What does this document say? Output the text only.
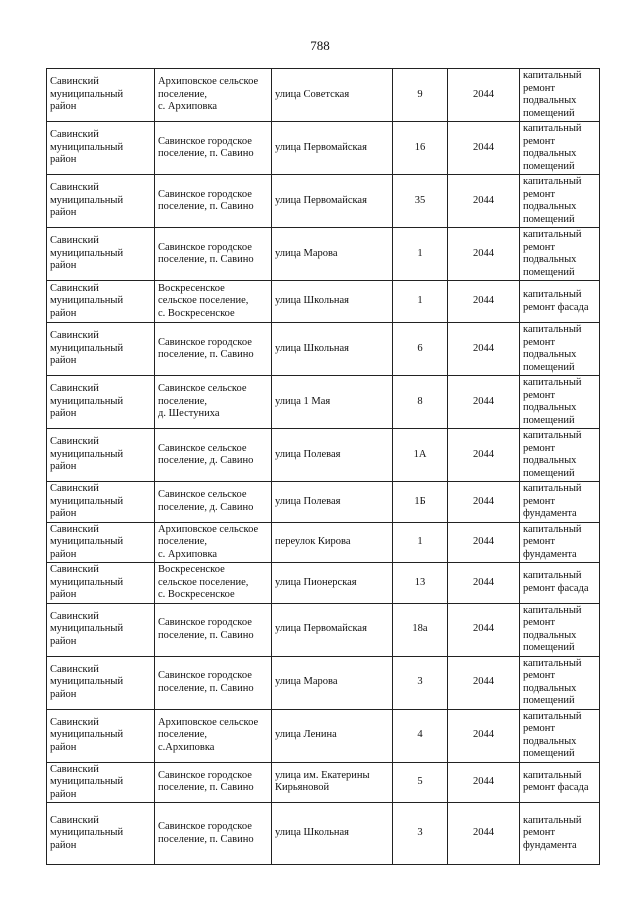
788
Савинский
муниципальный
район	Архиповское сельское
поселение,
с. Архиповка	улица Советская	9	2044	капитальный
ремонт
подвальных
помещений

Савинский
муниципальный
район	Савинское городское
поселение, п. Савино	улица Первомайская	16	2044	капитальный
ремонт
подвальных
помещений

Савинский
муниципальный
район	Савинское городское
поселение, п. Савино	улица Первомайская	35	2044	капитальный
ремонт
подвальных
помещений

Савинский
муниципальный
район	Савинское городское
поселение, п. Савино	улица Марова	1	2044	капитальный
ремонт
подвальных
помещений

Савинский
муниципальный
район	Воскресенское
сельское поселение,
с. Воскресенское	улица Школьная	1	2044	капитальный
ремонт фасада

Савинский
муниципальный
район	Савинское городское
поселение, п. Савино	улица Школьная	6	2044	капитальный
ремонт
подвальных
помещений

Савинский
муниципальный
район	Савинское сельское
поселение,
д. Шестуниха	улица 1 Мая	8	2044	капитальный
ремонт
подвальных
помещений

Савинский
муниципальный
район	Савинское сельское
поселение, д. Савино	улица Полевая	1А	2044	капитальный
ремонт
подвальных
помещений

Савинский
муниципальный
район	Савинское сельское
поселение, д. Савино	улица Полевая	1Б	2044	капитальный
ремонт
фундамента

Савинский
муниципальный
район	Архиповское сельское
поселение,
с. Архиповка	переулок Кирова	1	2044	капитальный
ремонт
фундамента

Савинский
муниципальный
район	Воскресенское
сельское поселение,
с. Воскресенское	улица Пионерская	13	2044	капитальный
ремонт фасада

Савинский
муниципальный
район	Савинское городское
поселение, п. Савино	улица Первомайская	18а	2044	капитальный
ремонт
подвальных
помещений

Савинский
муниципальный
район	Савинское городское
поселение, п. Савино	улица Марова	3	2044	капитальный
ремонт
подвальных
помещений

Савинский
муниципальный
район	Архиповское сельское
поселение,
с.Архиповка	улица Ленина	4	2044	капитальный
ремонт
подвальных
помещений

Савинский
муниципальный
район	Савинское городское
поселение, п. Савино	улица им. Екатерины
Кирьяновой	5	2044	капитальный
ремонт фасада

Савинский
муниципальный
район	Савинское городское
поселение, п. Савино	улица Школьная	3	2044	капитальный
ремонт
фундамента
